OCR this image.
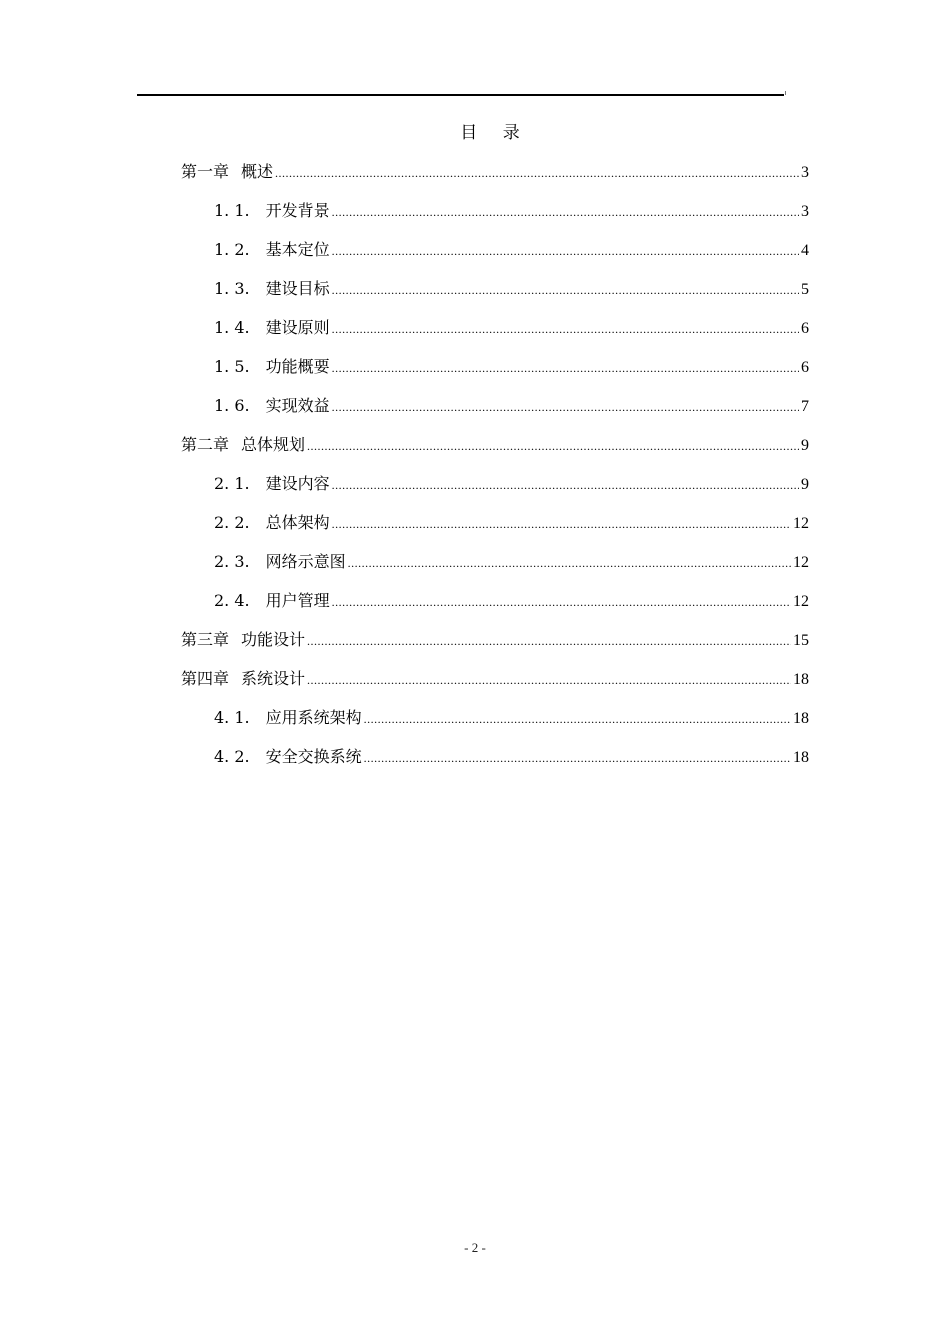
目 录
第一章 概述 .....	3
1. 1. 开发背景 .....	3
1. 2. 基本定位 .....	4
1. 3. 建设目标 .....	5
1. 4. 建设原则 .....	6
1. 5. 功能概要 .....	6
1. 6. 实现效益 .....	7
第二章 总体规划 .....	9
2. 1. 建设内容 .....	9
2. 2. 总体架构 .....	12
2. 3. 网络示意图 .....	12
2. 4. 用户管理 .....	12
第三章 功能设计 .....	15
第四章 系统设计 .....	18
4. 1. 应用系统架构 .....	18
4. 2. 安全交换系统 .....	18
- 2 -
